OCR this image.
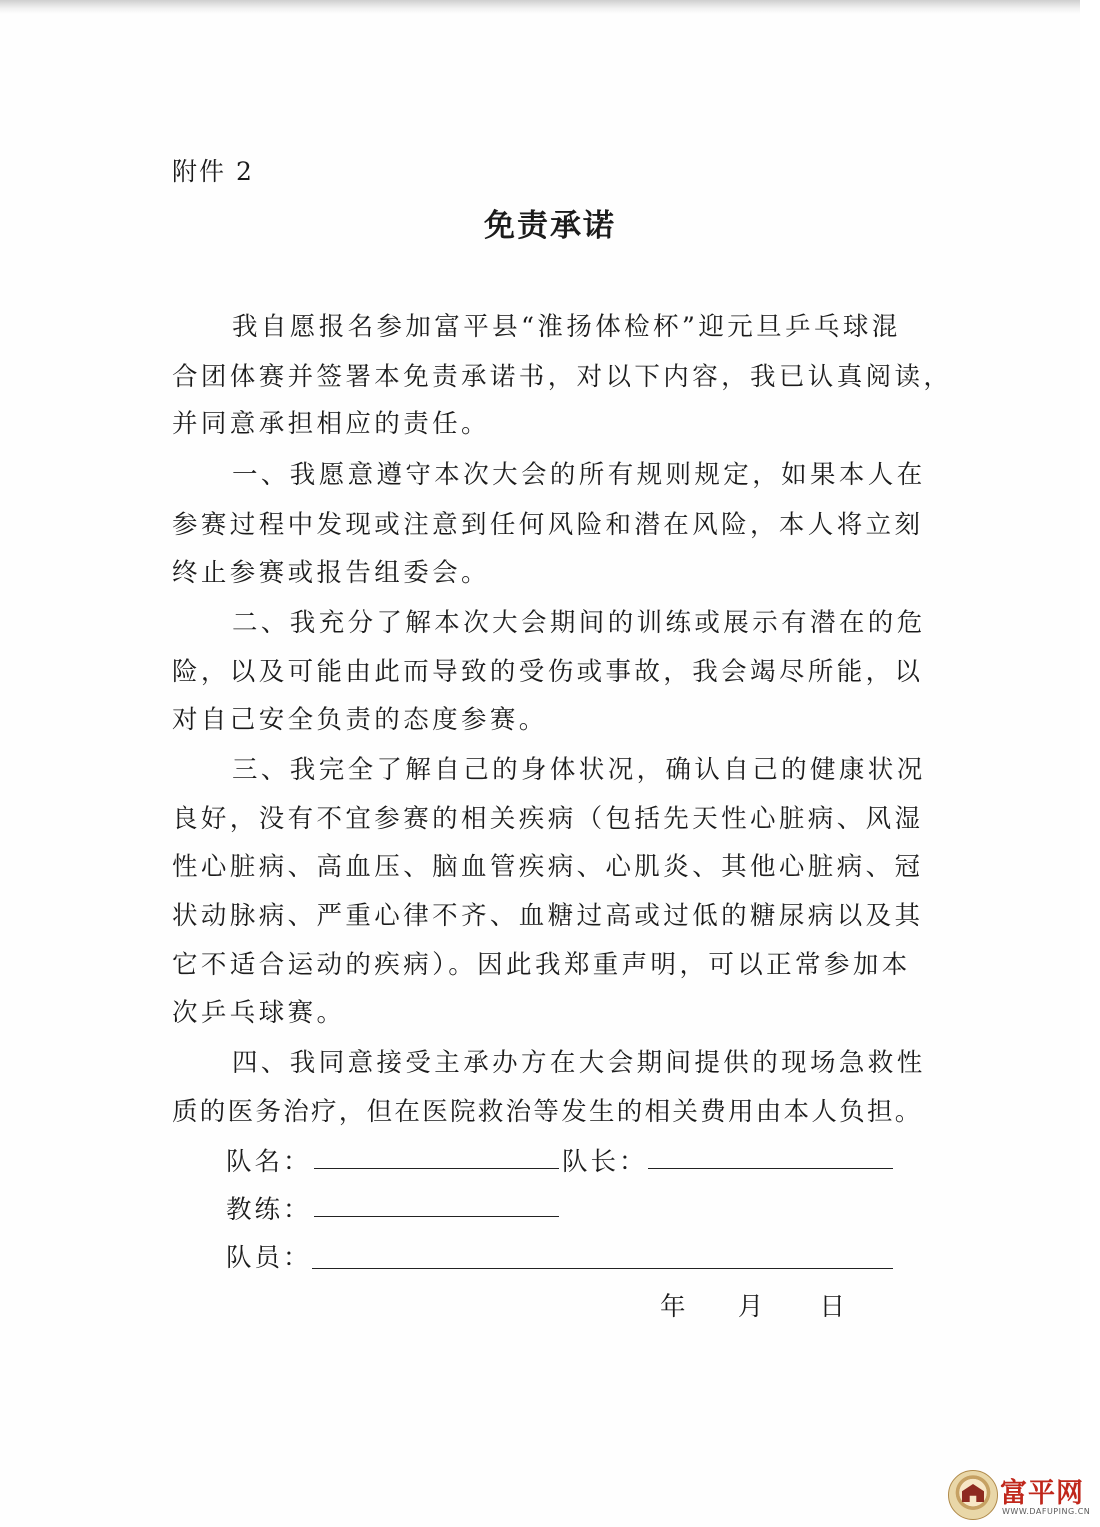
附件 2
免责承诺
我自愿报名参加富平县“淮扬体检杯”迎元旦乒乓球混
合团体赛并签署本免责承诺书，对以下内容，我已认真阅读，
并同意承担相应的责任。
一、我愿意遵守本次大会的所有规则规定，如果本人在
参赛过程中发现或注意到任何风险和潜在风险，本人将立刻
终止参赛或报告组委会。
二、我充分了解本次大会期间的训练或展示有潜在的危
险，以及可能由此而导致的受伤或事故，我会竭尽所能，以
对自己安全负责的态度参赛。
三、我完全了解自己的身体状况，确认自己的健康状况
良好，没有不宜参赛的相关疾病（包括先天性心脏病、风湿
性心脏病、高血压、脑血管疾病、心肌炎、其他心脏病、冠
状动脉病、严重心律不齐、血糖过高或过低的糖尿病以及其
它不适合运动的疾病）。因此我郑重声明，可以正常参加本
次乒乓球赛。
四、我同意接受主承办方在大会期间提供的现场急救性
质的医务治疗，但在医院救治等发生的相关费用由本人负担。
队名：	队长：
教练：
队员：
年 月 日
富平网
WWW.DAFUPING.CN
